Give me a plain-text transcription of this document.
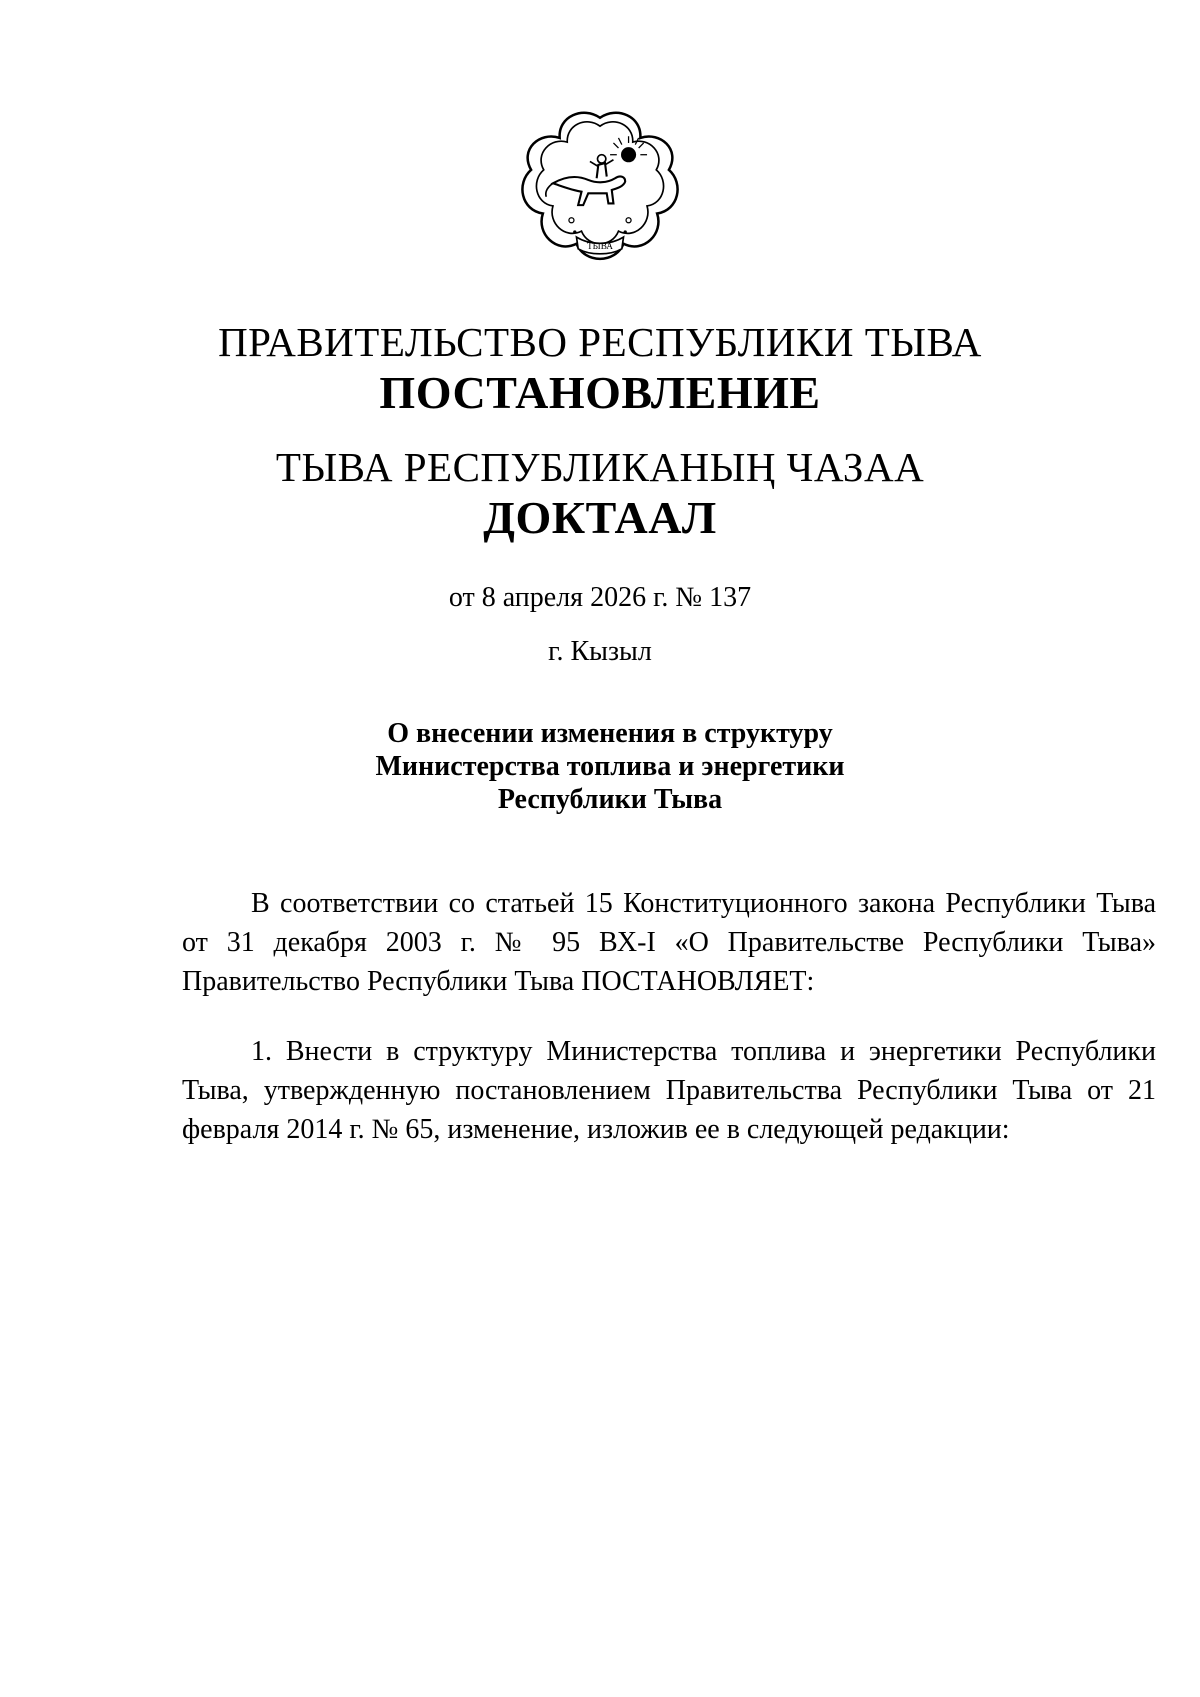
ТЫВА
ПРАВИТЕЛЬСТВО РЕСПУБЛИКИ ТЫВА
ПОСТАНОВЛЕНИЕ
ТЫВА РЕСПУБЛИКАНЫҢ ЧАЗАА
ДОКТААЛ
от 8 апреля 2026 г. № 137
г. Кызыл
О внесении изменения в структуру
Министерства топлива и энергетики
Республики Тыва

В соответствии со статьей 15 Конституционного закона Республики Тыва от 31 декабря 2003 г. № 95 ВХ-I «О Правительстве Республики Тыва» Правительство Республики Тыва ПОСТАНОВЛЯЕТ:

1. Внести в структуру Министерства топлива и энергетики Республики Тыва, утвержденную постановлением Правительства Республики Тыва от 21 февраля 2014 г. № 65, изменение, изложив ее в следующей редакции:
